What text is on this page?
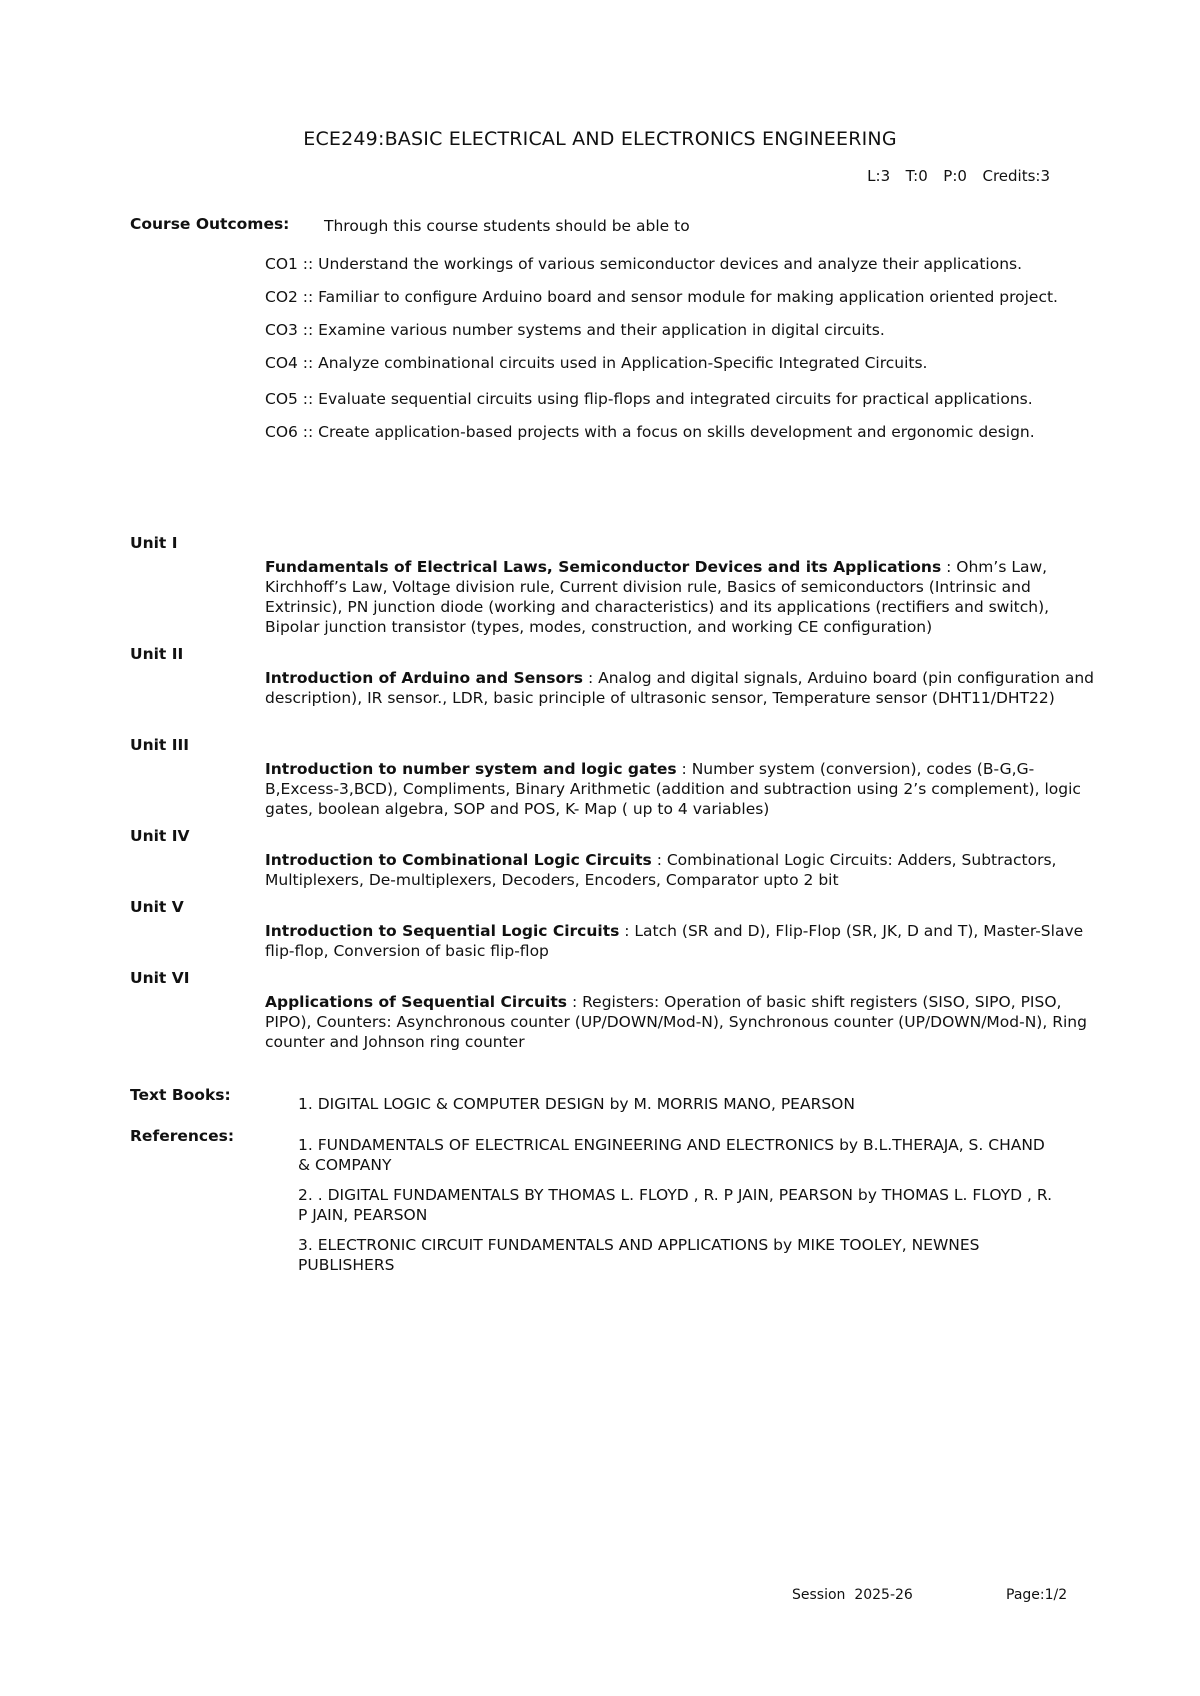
ECE249:BASIC ELECTRICAL AND ELECTRONICS ENGINEERING
L:3  T:0  P:0  Credits:3
Course Outcomes: Through this course students should be able to

CO1 :: Understand the workings of various semiconductor devices and analyze their applications.

CO2 :: Familiar to configure Arduino board and sensor module for making application oriented project.

CO3 :: Examine various number systems and their application in digital circuits.

CO4 :: Analyze combinational circuits used in Application-Specific Integrated Circuits.

CO5 :: Evaluate sequential circuits using flip-flops and integrated circuits for practical applications.

CO6 :: Create application-based projects with a focus on skills development and ergonomic design.

Unit I
Fundamentals of Electrical Laws, Semiconductor Devices and its Applications : Ohm’s Law, Kirchhoff’s Law, Voltage division rule, Current division rule, Basics of semiconductors (Intrinsic and Extrinsic), PN junction diode (working and characteristics) and its applications (rectifiers and switch), Bipolar junction transistor (types, modes, construction, and working CE configuration)
Unit II
Introduction of Arduino and Sensors : Analog and digital signals, Arduino board (pin configuration and description), IR sensor., LDR, basic principle of ultrasonic sensor, Temperature sensor (DHT11/DHT22)
Unit III
Introduction to number system and logic gates : Number system (conversion), codes (B-G,G-B,Excess-3,BCD), Compliments, Binary Arithmetic (addition and subtraction using 2’s complement), logic gates, boolean algebra, SOP and POS, K- Map ( up to 4 variables)
Unit IV
Introduction to Combinational Logic Circuits : Combinational Logic Circuits: Adders, Subtractors, Multiplexers, De-multiplexers, Decoders, Encoders, Comparator upto 2 bit
Unit V
Introduction to Sequential Logic Circuits : Latch (SR and D), Flip-Flop (SR, JK, D and T), Master-Slave flip-flop, Conversion of basic flip-flop
Unit VI
Applications of Sequential Circuits : Registers: Operation of basic shift registers (SISO, SIPO, PISO, PIPO), Counters: Asynchronous counter (UP/DOWN/Mod-N), Synchronous counter (UP/DOWN/Mod-N), Ring counter and Johnson ring counter
Text Books:	1. DIGITAL LOGIC & COMPUTER DESIGN by M. MORRIS MANO, PEARSON
References:	1. FUNDAMENTALS OF ELECTRICAL ENGINEERING AND ELECTRONICS by B.L.THERAJA, S. CHAND & COMPANY
2. . DIGITAL FUNDAMENTALS BY THOMAS L. FLOYD , R. P JAIN, PEARSON by THOMAS L. FLOYD , R. P JAIN, PEARSON
3. ELECTRONIC CIRCUIT FUNDAMENTALS AND APPLICATIONS by MIKE TOOLEY, NEWNES PUBLISHERS
Session  2025-26	Page:1/2
